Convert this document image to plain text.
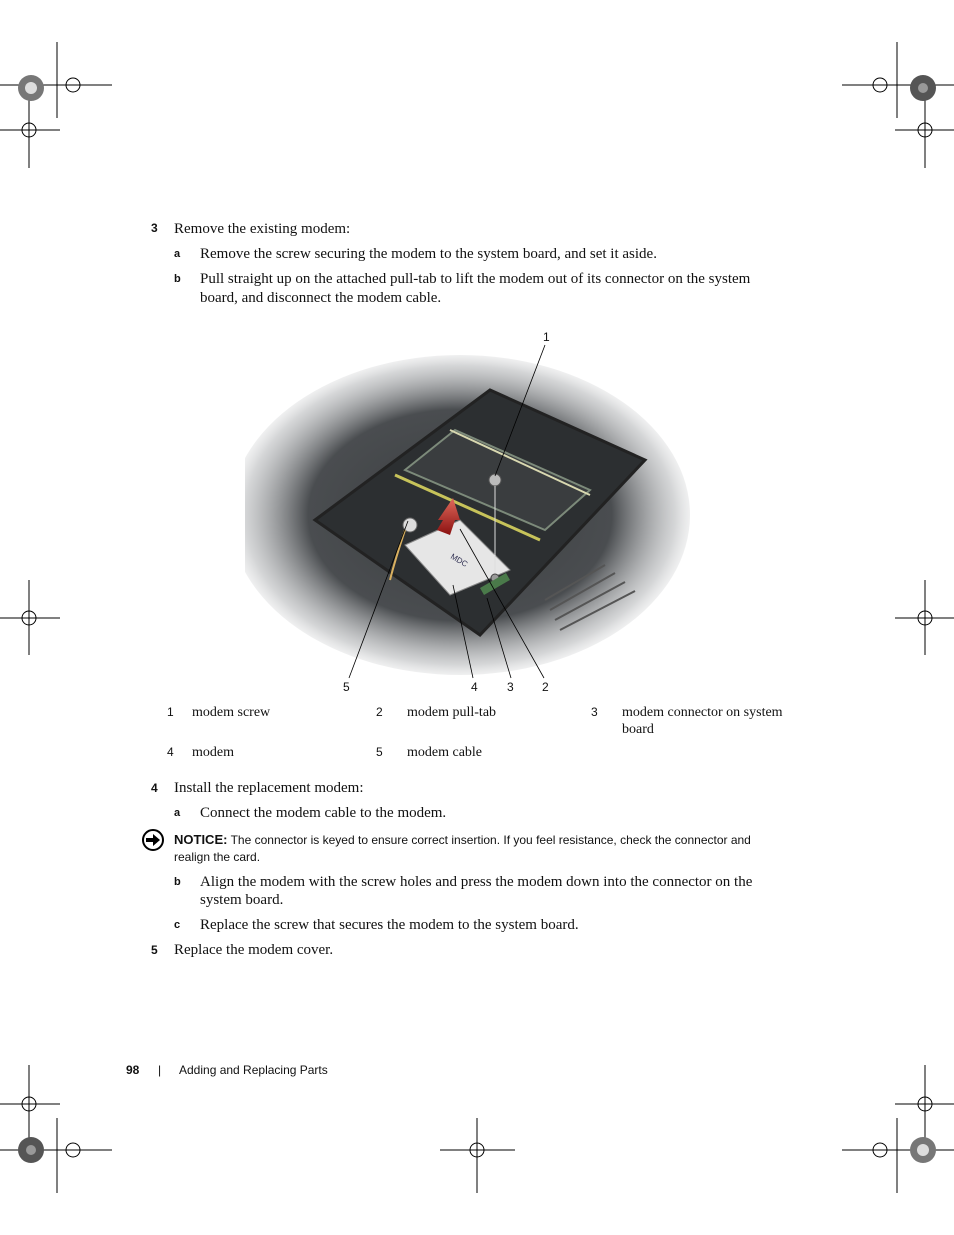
3 Remove the existing modem:
a Remove the screw securing the modem to the system board, and set it aside.
b Pull straight up on the attached pull-tab to lift the modem out of its connector on the system
board, and disconnect the modem cable.
MDC
1
5	4 3 2
1 modem screw	2 modem pull-tab	3 modem connector on system
board
4 modem	5 modem cable
4 Install the replacement modem:
a Connect the modem cable to the modem.
NOTICE: The connector is keyed to ensure correct insertion. If you feel resistance, check the connector and
realign the card.
b Align the modem with the screw holes and press the modem down into the connector on the
system board.
c Replace the screw that secures the modem to the system board.
5 Replace the modem cover.
98 | Adding and Replacing Parts
